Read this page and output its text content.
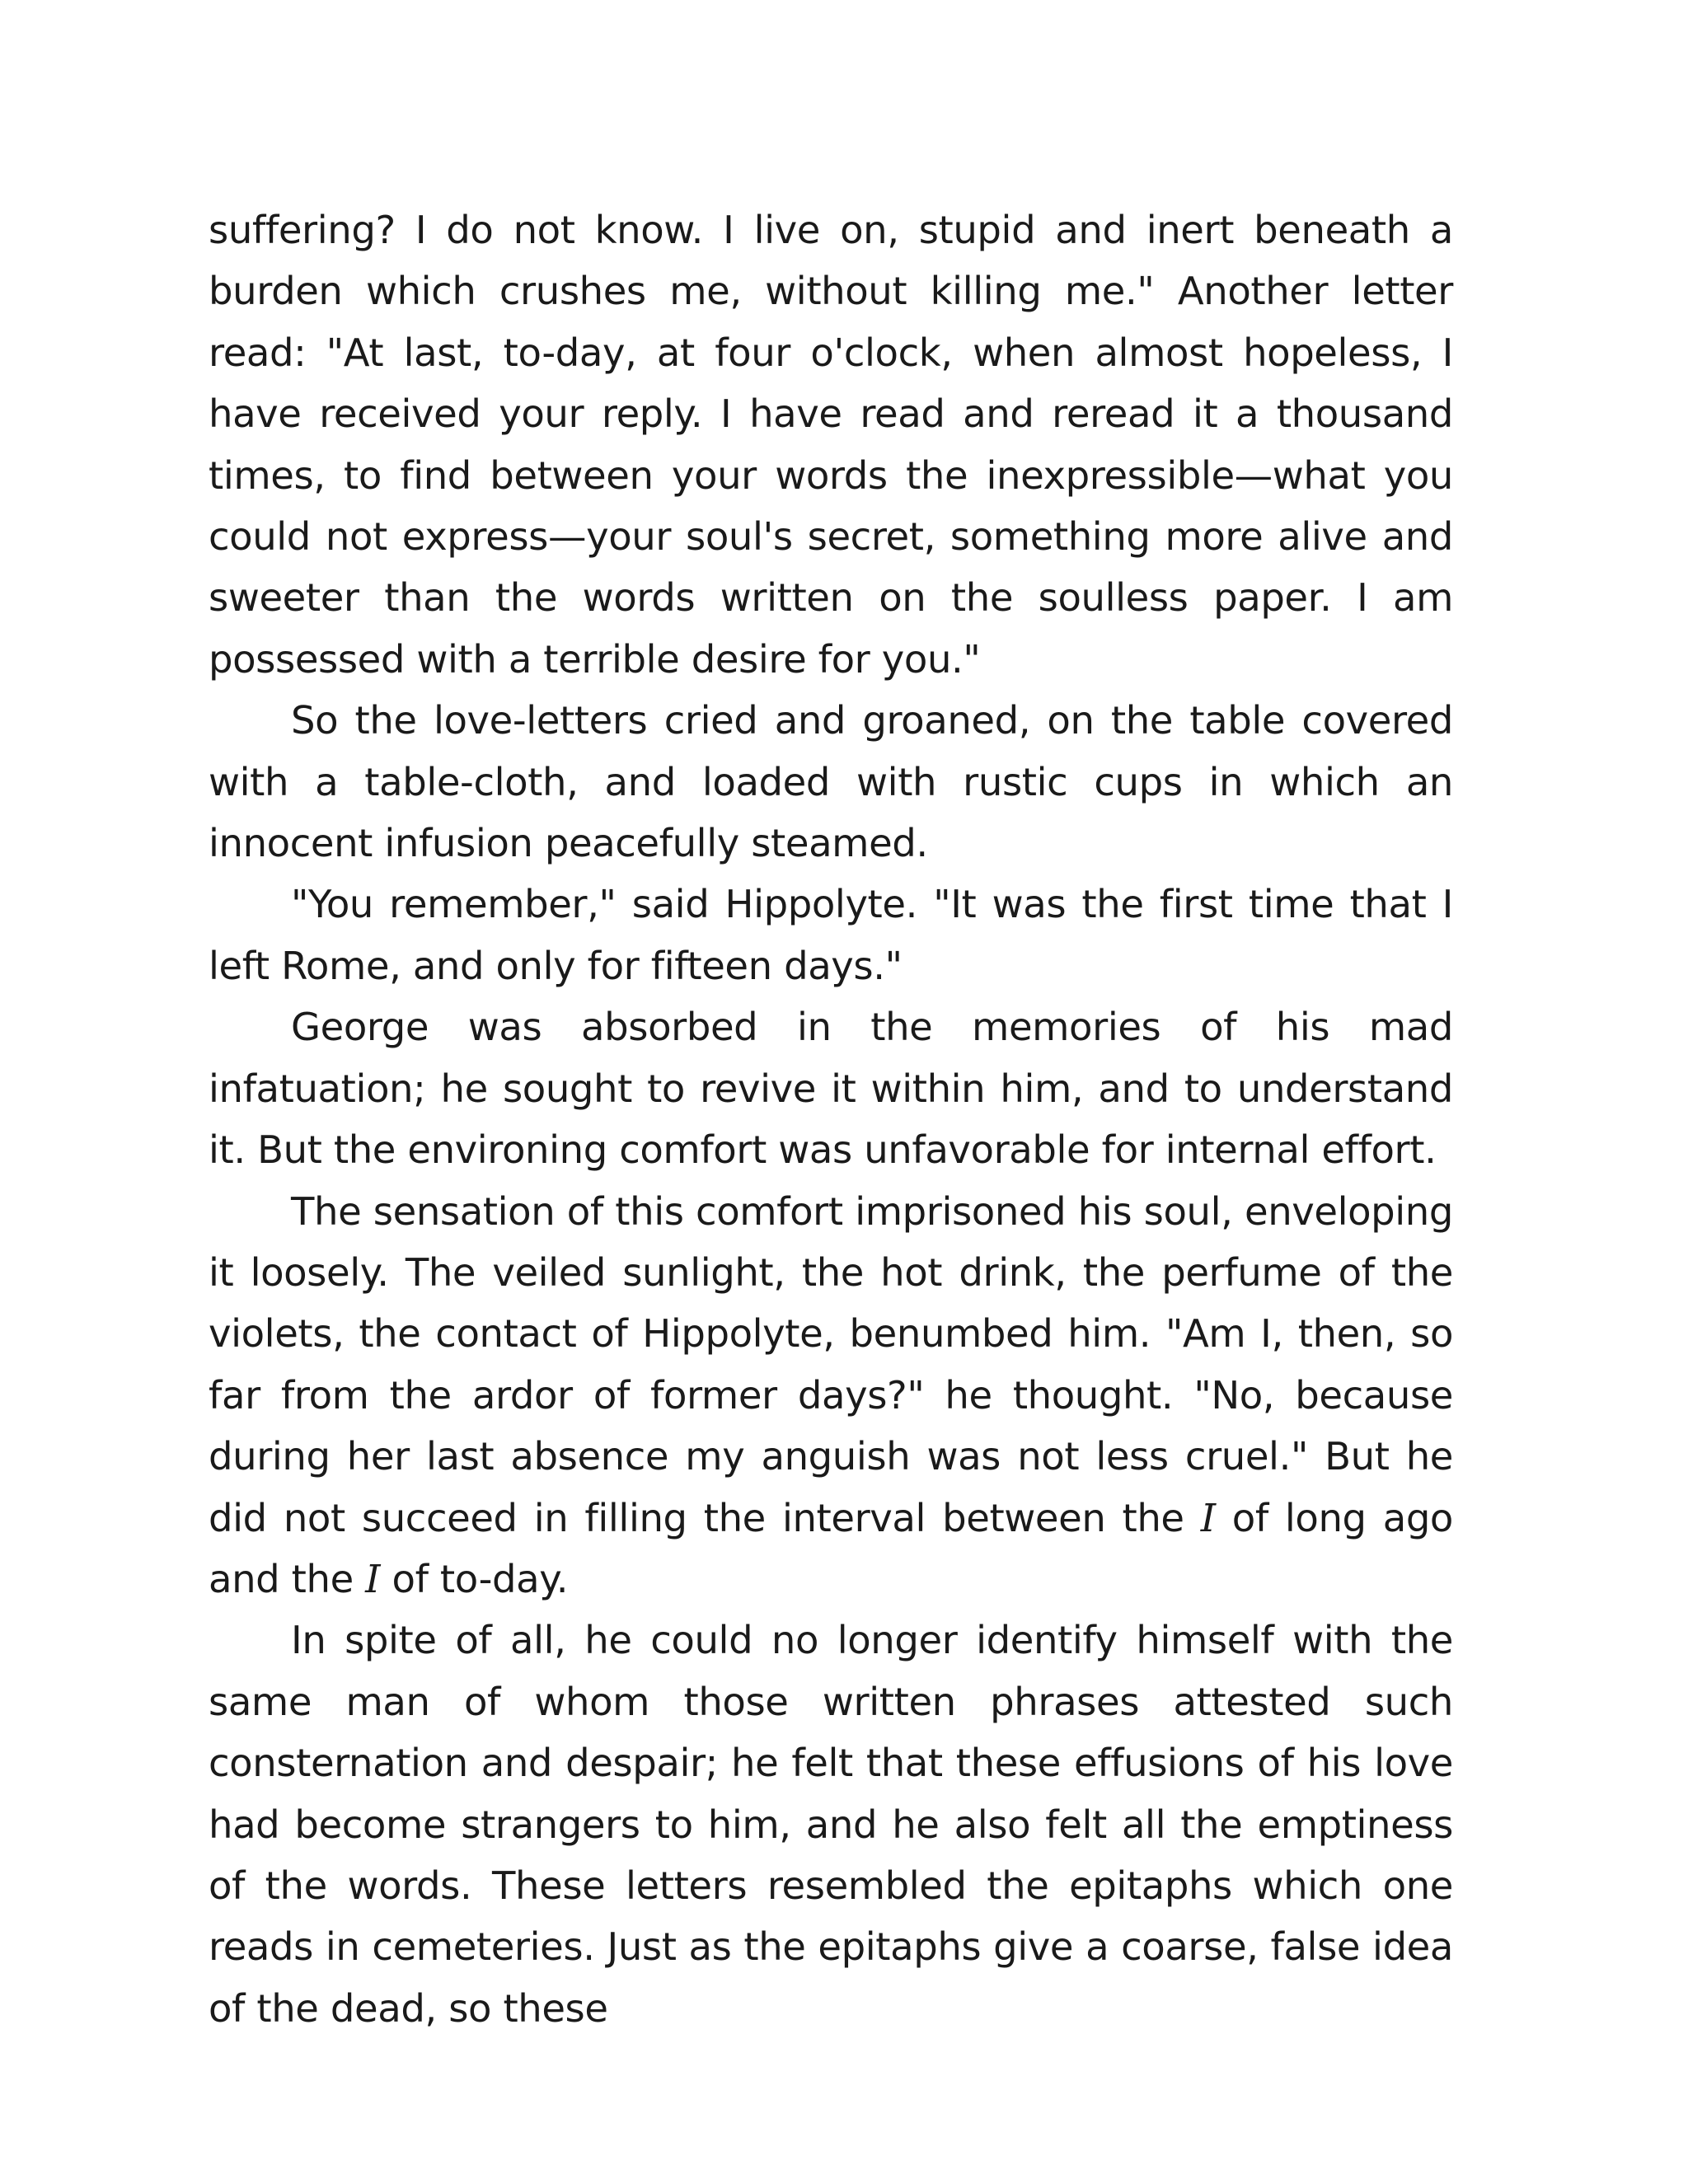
suffering? I do not know. I live on, stupid and inert beneath a burden which crushes me, without killing me." Another letter read: "At last, to-day, at four o'clock, when almost hopeless, I have received your reply. I have read and reread it a thousand times, to find between your words the inexpressible—what you could not express—your soul's secret, something more alive and sweeter than the words written on the soulless paper. I am possessed with a terrible desire for you."

So the love-letters cried and groaned, on the table covered with a table-cloth, and loaded with rustic cups in which an innocent infusion peacefully steamed.

"You remember," said Hippolyte. "It was the first time that I left Rome, and only for fifteen days."

George was absorbed in the memories of his mad infatuation; he sought to revive it within him, and to understand it. But the environing comfort was unfavorable for internal effort.

The sensation of this comfort imprisoned his soul, enveloping it loosely. The veiled sunlight, the hot drink, the perfume of the violets, the contact of Hippolyte, benumbed him. "Am I, then, so far from the ardor of former days?" he thought. "No, because during her last absence my anguish was not less cruel." But he did not succeed in filling the interval between the I of long ago and the I of to-day.

In spite of all, he could no longer identify himself with the same man of whom those written phrases attested such consternation and despair; he felt that these effusions of his love had become strangers to him, and he also felt all the emptiness of the words. These letters resembled the epitaphs which one reads in cemeteries. Just as the epitaphs give a coarse, false idea of the dead, so these
